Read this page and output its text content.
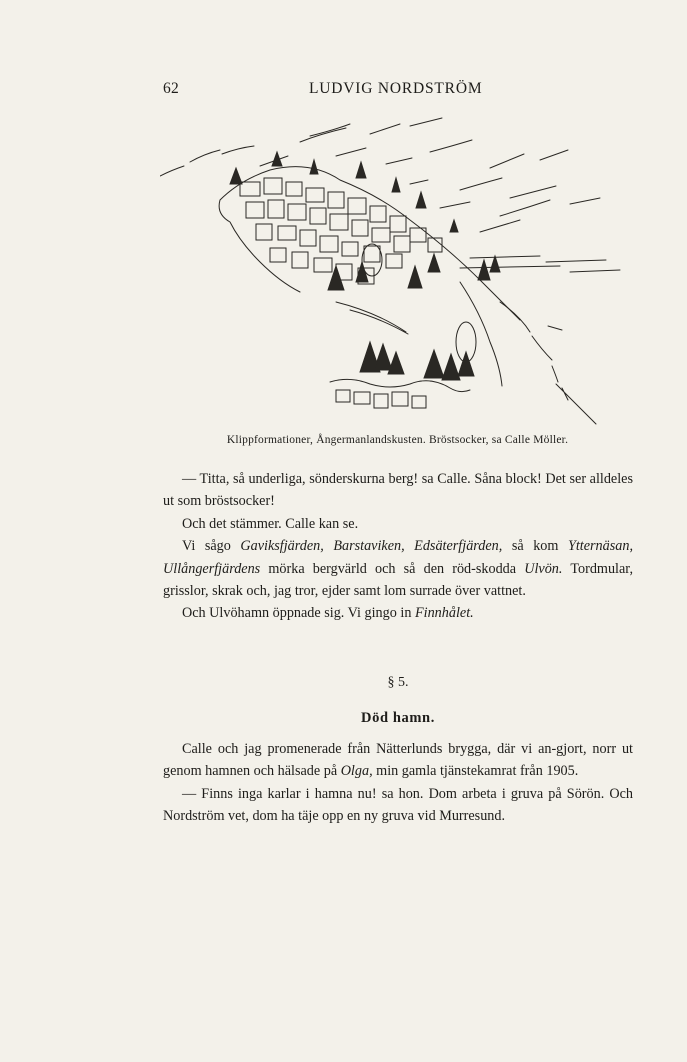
62	LUDVIG NORDSTRÖM
Klippformationer, Ångermanlandskusten. Bröstsocker, sa Calle Möller.

— Titta, så underliga, sönderskurna berg! sa Calle. Såna block! Det ser alldeles ut som bröstsocker!

Och det stämmer. Calle kan se.

Vi sågo Gaviksfjärden, Barstaviken, Edsäterfjärden, så kom Ytternäsan, Ullångerfjärdens mörka bergvärld och så den röd-skodda Ulvön. Tordmular, grisslor, skrak och, jag tror, ejder samt lom surrade över vattnet.

Och Ulvöhamn öppnade sig. Vi gingo in Finnhålet.

§ 5.
Död hamn.

Calle och jag promenerade från Nätterlunds brygga, där vi an-gjort, norr ut genom hamnen och hälsade på Olga, min gamla tjänstekamrat från 1905.

— Finns inga karlar i hamna nu! sa hon. Dom arbeta i gruva på Sörön. Och Nordström vet, dom ha täje opp en ny gruva vid Murresund.
